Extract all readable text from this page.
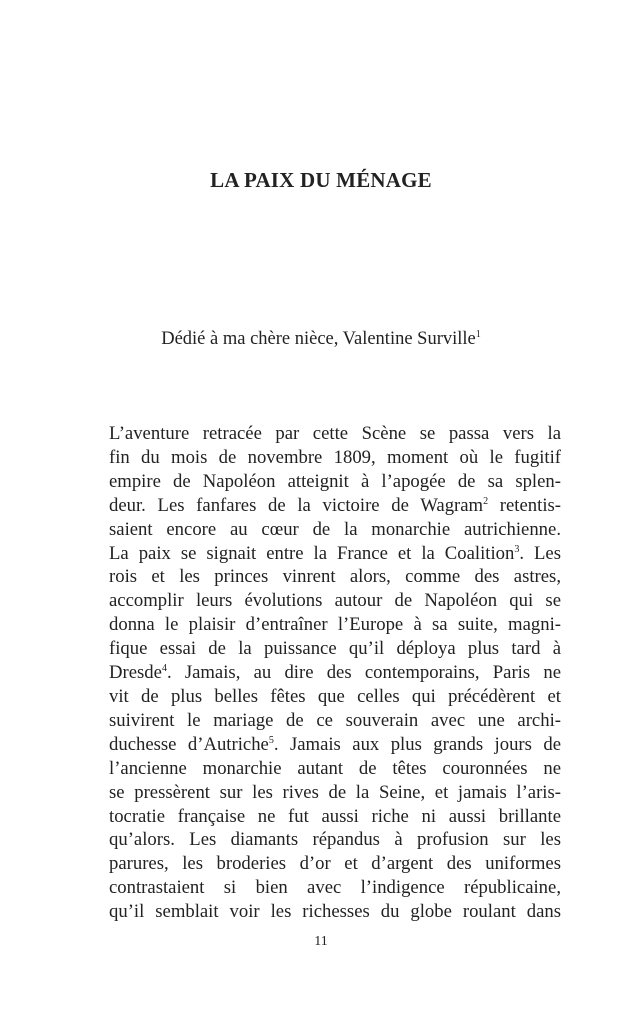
LA PAIX DU MÉNAGE

Dédié à ma chère nièce, Valentine Surville$^1$

L’aventure retracée par cette Scène se passa vers la
fin du mois de novembre 1809, moment où le fugitif
empire de Napoléon atteignit à l’apogée de sa splen-
deur. Les fanfares de la victoire de Wagram$^2$ retentis-
saient encore au cœur de la monarchie autrichienne.
La paix se signait entre la France et la Coalition$^3$. Les
rois et les princes vinrent alors, comme des astres,
accomplir leurs évolutions autour de Napoléon qui se
donna le plaisir d’entraîner l’Europe à sa suite, magni-
fique essai de la puissance qu’il déploya plus tard à
Dresde$^4$. Jamais, au dire des contemporains, Paris ne
vit de plus belles fêtes que celles qui précédèrent et
suivirent le mariage de ce souverain avec une archi-
duchesse d’Autriche$^5$. Jamais aux plus grands jours de
l’ancienne monarchie autant de têtes couronnées ne
se pressèrent sur les rives de la Seine, et jamais l’aris-
tocratie française ne fut aussi riche ni aussi brillante
qu’alors. Les diamants répandus à profusion sur les
parures, les broderies d’or et d’argent des uniformes
contrastaient si bien avec l’indigence républicaine,
qu’il semblait voir les richesses du globe roulant dans
11
